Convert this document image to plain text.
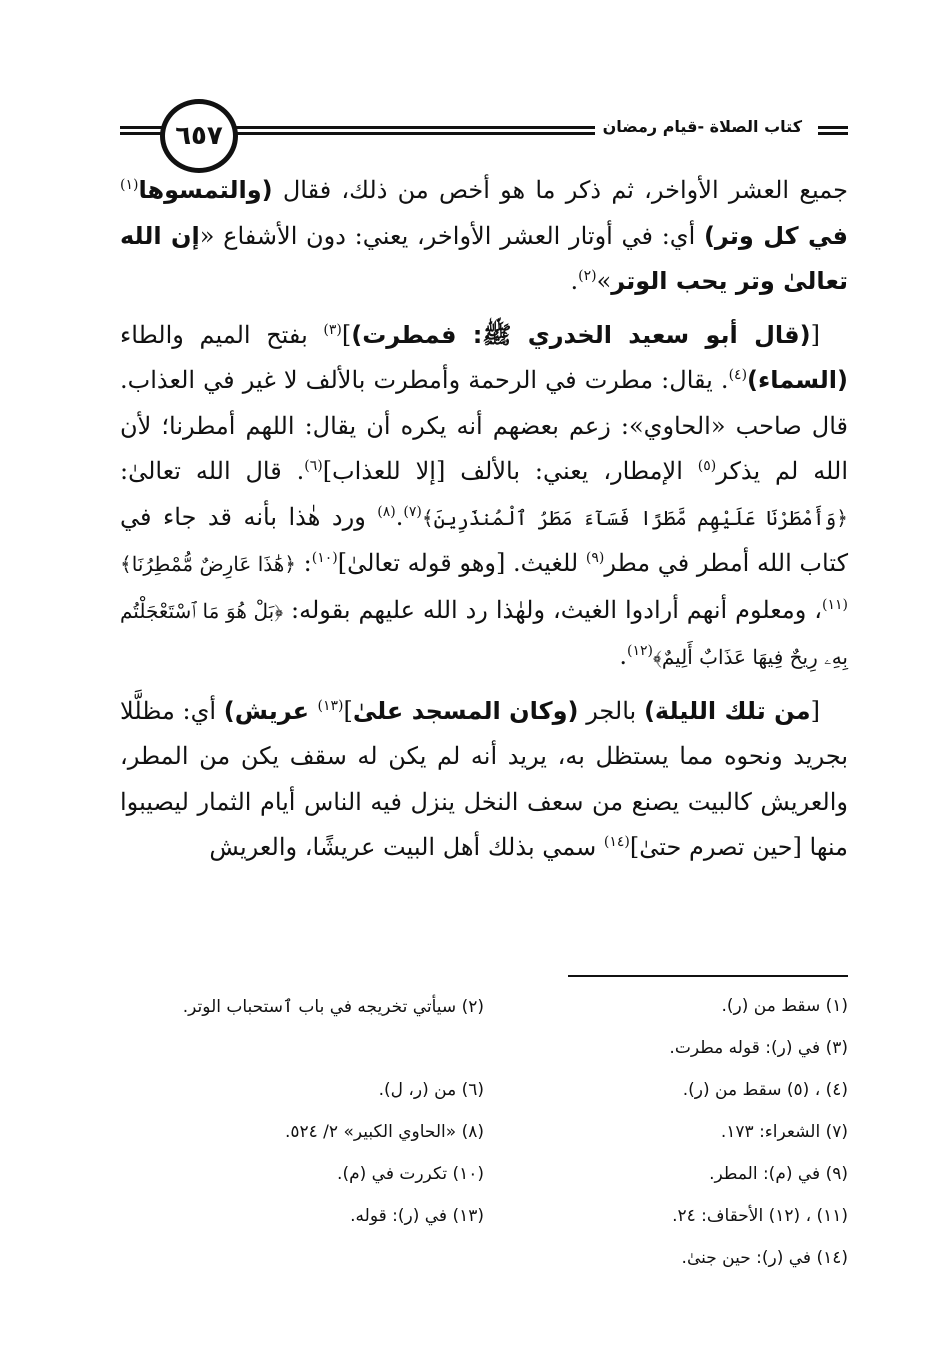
٦٥٧	كتاب الصلاة -قيام رمضان

جميع العشر الأواخر، ثم ذكر ما هو أخص من ذلك، فقال (والتمسوها$^{(١)}$ في كل وتر) أي: في أوتار العشر الأواخر، يعني: دون الأشفاع «إن الله تعالىٰ وتر يحب الوتر»$^{(٢)}$.

[(قال أبو سعيد الخدري ﷺ: فمطرت)]$^{(٣)}$ بفتح الميم والطاء (السماء)$^{(٤)}$. يقال: مطرت في الرحمة وأمطرت بالألف لا غير في العذاب. قال صاحب «الحاوي»: زعم بعضهم أنه يكره أن يقال: اللهم أمطرنا؛ لأن الله لم يذكر$^{(٥)}$ الإمطار، يعني: بالألف [إلا للعذاب]$^{(٦)}$. قال الله تعالىٰ: ﴿وَأَمْطَرْنَا عَلَيْهِم مَّطَرًا فَسَآءَ مَطَرُ ٱلْمُنذَرِينَ﴾$^{(٧)}$.$^{(٨)}$ ورد هٰذا بأنه قد جاء في كتاب الله أمطر في مطر$^{(٩)}$ للغيث. [وهو قوله تعالىٰ]$^{(١٠)}$: ﴿هَٰذَا عَارِضٌ مُّمْطِرُنَا﴾$^{(١١)}$، ومعلوم أنهم أرادوا الغيث، ولهٰذا رد الله عليهم بقوله: ﴿بَلْ هُوَ مَا ٱسْتَعْجَلْتُم بِهِۦ رِيحٌ فِيهَا عَذَابٌ أَلِيمٌ﴾$^{(١٢)}$.

[من تلك الليلة) بالجر (وكان المسجد علىٰ]$^{(١٣)}$ عريش) أي: مظلَّلا بجريد ونحوه مما يستظل به، يريد أنه لم يكن له سقف يكن من المطر، والعريش كالبيت يصنع من سعف النخل ينزل فيه الناس أيام الثمار ليصيبوا منها [حين تصرم حتىٰ]$^{(١٤)}$ سمي بذلك أهل البيت عريشًا، والعريش

(١) سقط من (ر).
(٢) سيأتي تخريجه في باب ٱستحباب الوتر.
(٣) في (ر): قوله مطرت.
(٤) ، (٥) سقط من (ر).
(٦) من (ر، ل).
(٧) الشعراء: ١٧٣.
(٨) «الحاوي الكبير» ٢/ ٥٢٤.
(٩) في (م): المطر.
(١٠) تكررت في (م).
(١١) ، (١٢) الأحقاف: ٢٤.
(١٣) في (ر): قوله.
(١٤) في (ر): حين جنىٰ.
